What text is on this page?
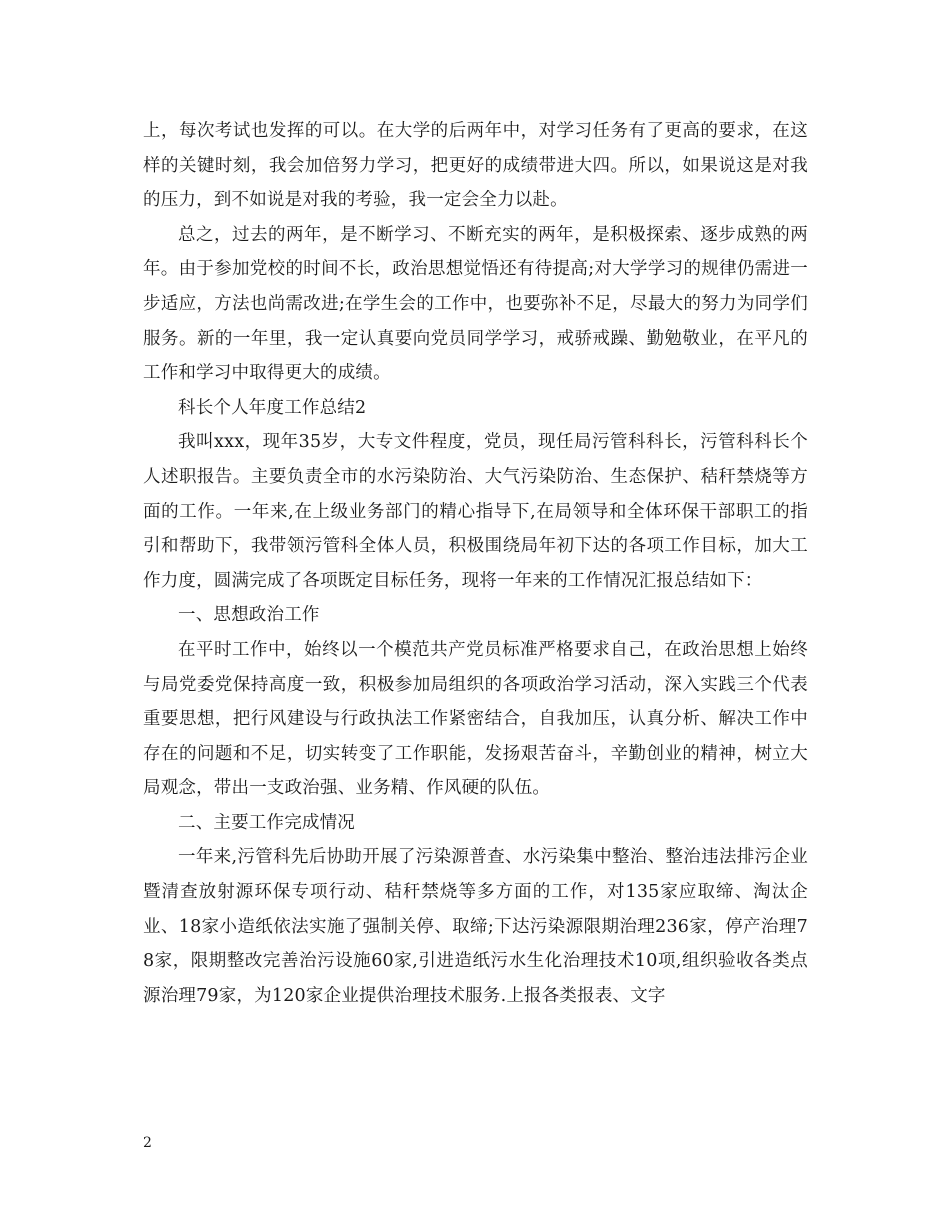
上，每次考试也发挥的可以。在大学的后两年中，对学习任务有了更高的要求，在这样的关键时刻，我会加倍努力学习，把更好的成绩带进大四。所以，如果说这是对我的压力，到不如说是对我的考验，我一定会全力以赴。

总之，过去的两年，是不断学习、不断充实的两年，是积极探索、逐步成熟的两年。由于参加党校的时间不长，政治思想觉悟还有待提高;对大学学习的规律仍需进一步适应，方法也尚需改进;在学生会的工作中，也要弥补不足，尽最大的努力为同学们服务。新的一年里，我一定认真要向党员同学学习，戒骄戒躁、勤勉敬业，在平凡的工作和学习中取得更大的成绩。

科长个人年度工作总结2

我叫xxx，现年35岁，大专文件程度，党员，现任局污管科科长，污管科科长个人述职报告。主要负责全市的水污染防治、大气污染防治、生态保护、秸秆禁烧等方面的工作。一年来,在上级业务部门的精心指导下,在局领导和全体环保干部职工的指引和帮助下，我带领污管科全体人员，积极围绕局年初下达的各项工作目标，加大工作力度，圆满完成了各项既定目标任务，现将一年来的工作情况汇报总结如下：

一、思想政治工作

在平时工作中，始终以一个模范共产党员标准严格要求自己，在政治思想上始终与局党委党保持高度一致，积极参加局组织的各项政治学习活动，深入实践三个代表重要思想，把行风建设与行政执法工作紧密结合，自我加压，认真分析、解决工作中存在的问题和不足，切实转变了工作职能，发扬艰苦奋斗，辛勤创业的精神，树立大局观念，带出一支政治强、业务精、作风硬的队伍。

二、主要工作完成情况

一年来,污管科先后协助开展了污染源普查、水污染集中整治、整治违法排污企业暨清查放射源环保专项行动、秸秆禁烧等多方面的工作，对135家应取缔、淘汰企业、18家小造纸依法实施了强制关停、取缔;下达污染源限期治理236家，停产治理78家，限期整改完善治污设施60家,引进造纸污水生化治理技术10项,组织验收各类点源治理79家，为120家企业提供治理技术服务.上报各类报表、文字

2
